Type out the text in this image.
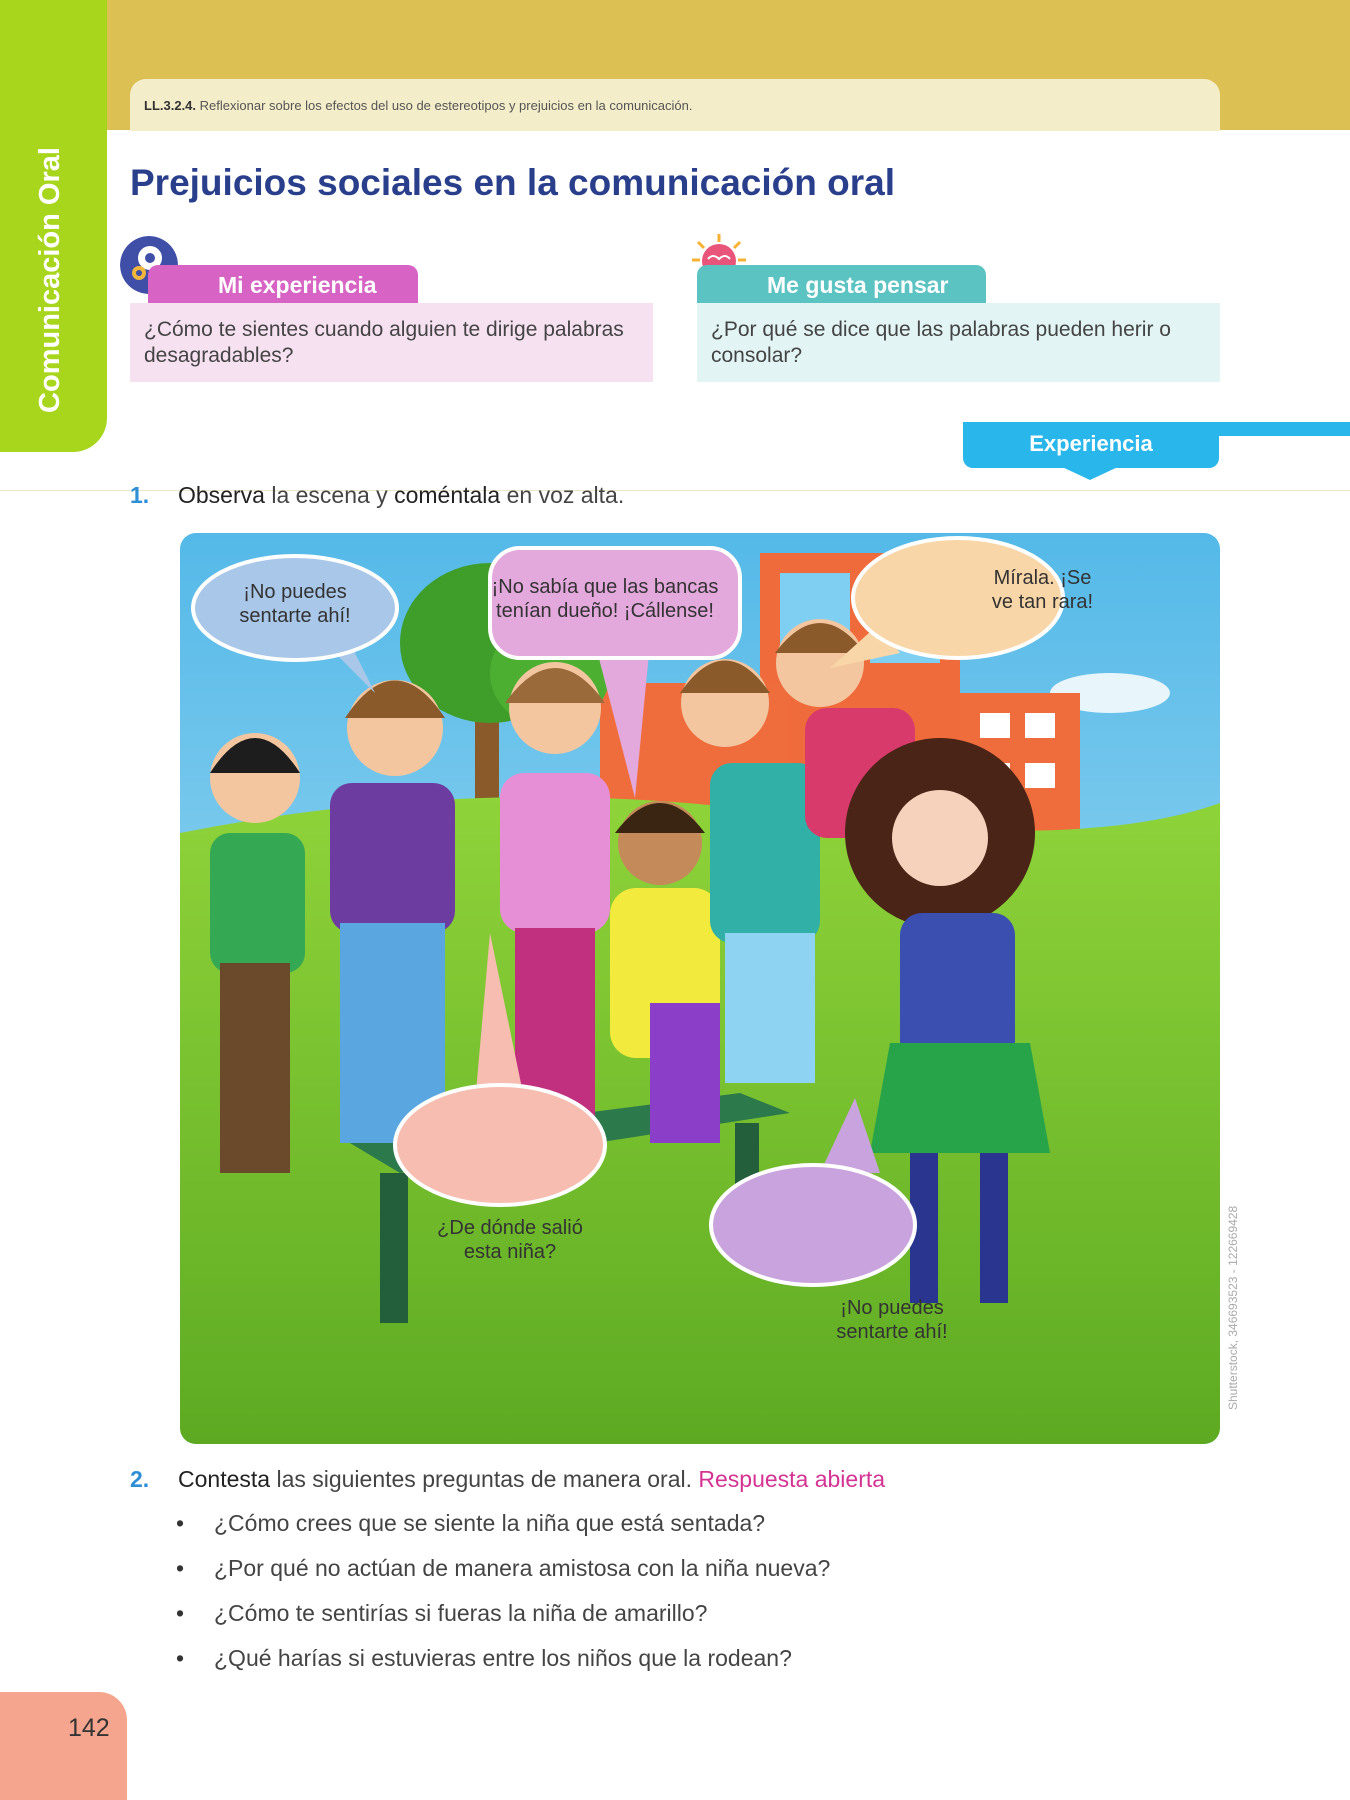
Comunicación Oral
LL.3.2.4. Reflexionar sobre los efectos del uso de estereotipos y prejuicios en la comunicación.
Prejuicios sociales en la comunicación oral
Mi experiencia
¿Cómo te sientes cuando alguien te dirige palabras desagradables?
Me gusta pensar
¿Por qué se dice que las palabras pueden herir o consolar?
Experiencia
1. Observa la escena y coméntala en voz alta.
¡No puedes sentarte ahí!
¡No sabía que las bancas tenían dueño! ¡Cállense!
Mírala. ¡Se ve tan rara!
¿De dónde salió esta niña?
¡No puedes sentarte ahí!	Shutterstock, 346693523 - 122669428
2. Contesta las siguientes preguntas de manera oral. Respuesta abierta
• ¿Cómo crees que se siente la niña que está sentada?
• ¿Por qué no actúan de manera amistosa con la niña nueva?
• ¿Cómo te sentirías si fueras la niña de amarillo?
• ¿Qué harías si estuvieras entre los niños que la rodean?
142
